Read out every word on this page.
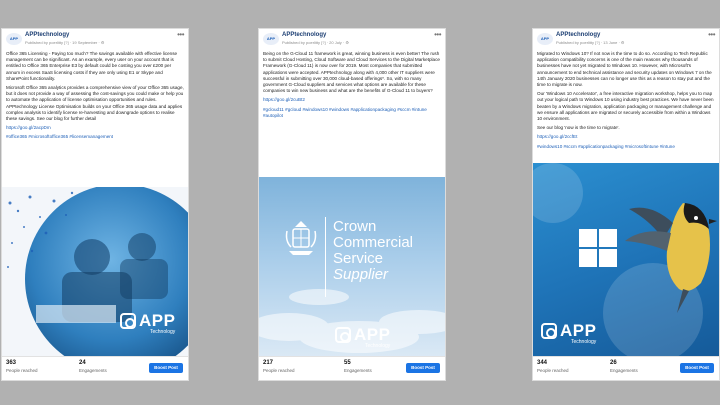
APP
APPtechnology
Published by poerlitty [?] · 19 September · ⚙
•••

Office 365 Licensing - Paying too much? The savings available with effective license management can be significant. As an example, every user on your account that is entitled to Office 365 Enterprise E3 by default could be costing you over £200 per annum in excess SaaS licensing costs if they are only using E1 or Skype and SharePoint functionality.

Microsoft Office 365 analytics provides a comprehensive view of your Office 365 usage, but it does not provide a way of assessing the cost-savings you could make or help you to automate the application of license optimisation opportunities and rules. APPtechnology License Optimisation builds on your Office 365 usage data and applies complex analysis to identify license re-harvesting and downgrade options to realise these savings. See our blog for further detail

https://goo.gl/2acpDm

#office365 #microsoftoffice365 #licensemanagement

APP
Technology
363
People reached
24
Engagements
Boost Post
APP
APPtechnology
Published by poerlitty [?] · 20 July · ⚙
•••

Being on the G-Cloud 11 framework is great, winning business is even better! The rush to submit Cloud Hosting, Cloud Software and Cloud Services to the Digital Marketplace Framework (G-Cloud 11) is now over for 2019. Most companies that submitted applications were accepted. APPtechnology along with 4,000 other IT suppliers were successful in submitting over 30,000 cloud-based offerings*. So, with so many government G-Cloud suppliers and services what options are available for these companies to win new business and what are the benefits of G-Cloud 11 to buyers?

https://goo.gl/2cuBt2

#gcloud11 #gcloud #windows10 #windows #applicationpackaging #sccm #intune #autopilot

Crown
Commercial
Service
Supplier
APP
Technology
217
People reached
55
Engagements
Boost Post
APP
APPtechnology
Published by poerlitty [?] · 13 June · ⚙
•••

Migrated to Windows 10? If not now is the time to do so. According to Tech Republic application compatibility concerns is one of the main reasons why thousands of businesses have not yet migrated to Windows 10. However, with Microsoft's announcement to end technical assistance and security updates on Windows 7 on the 14th January 2020 businesses can no longer use this as a reason to stay put and the time to migrate is now.

Our 'Windows 10 Accelerator', a free interactive migration workshop, helps you to map out your logical path to Windows 10 using industry best practices. We have never been beaten by a Windows migration, application packaging or management challenge and we ensure all applications are migrated or securely accessible from within a Windows 10 environment.

See our blog 'now is the time to migrate'.

https://goo.gl/2ccfEt

#windows10 #sccm #applicationpackaging #microsoftintune #intune

APP
Technology
344
People reached
26
Engagements
Boost Post
